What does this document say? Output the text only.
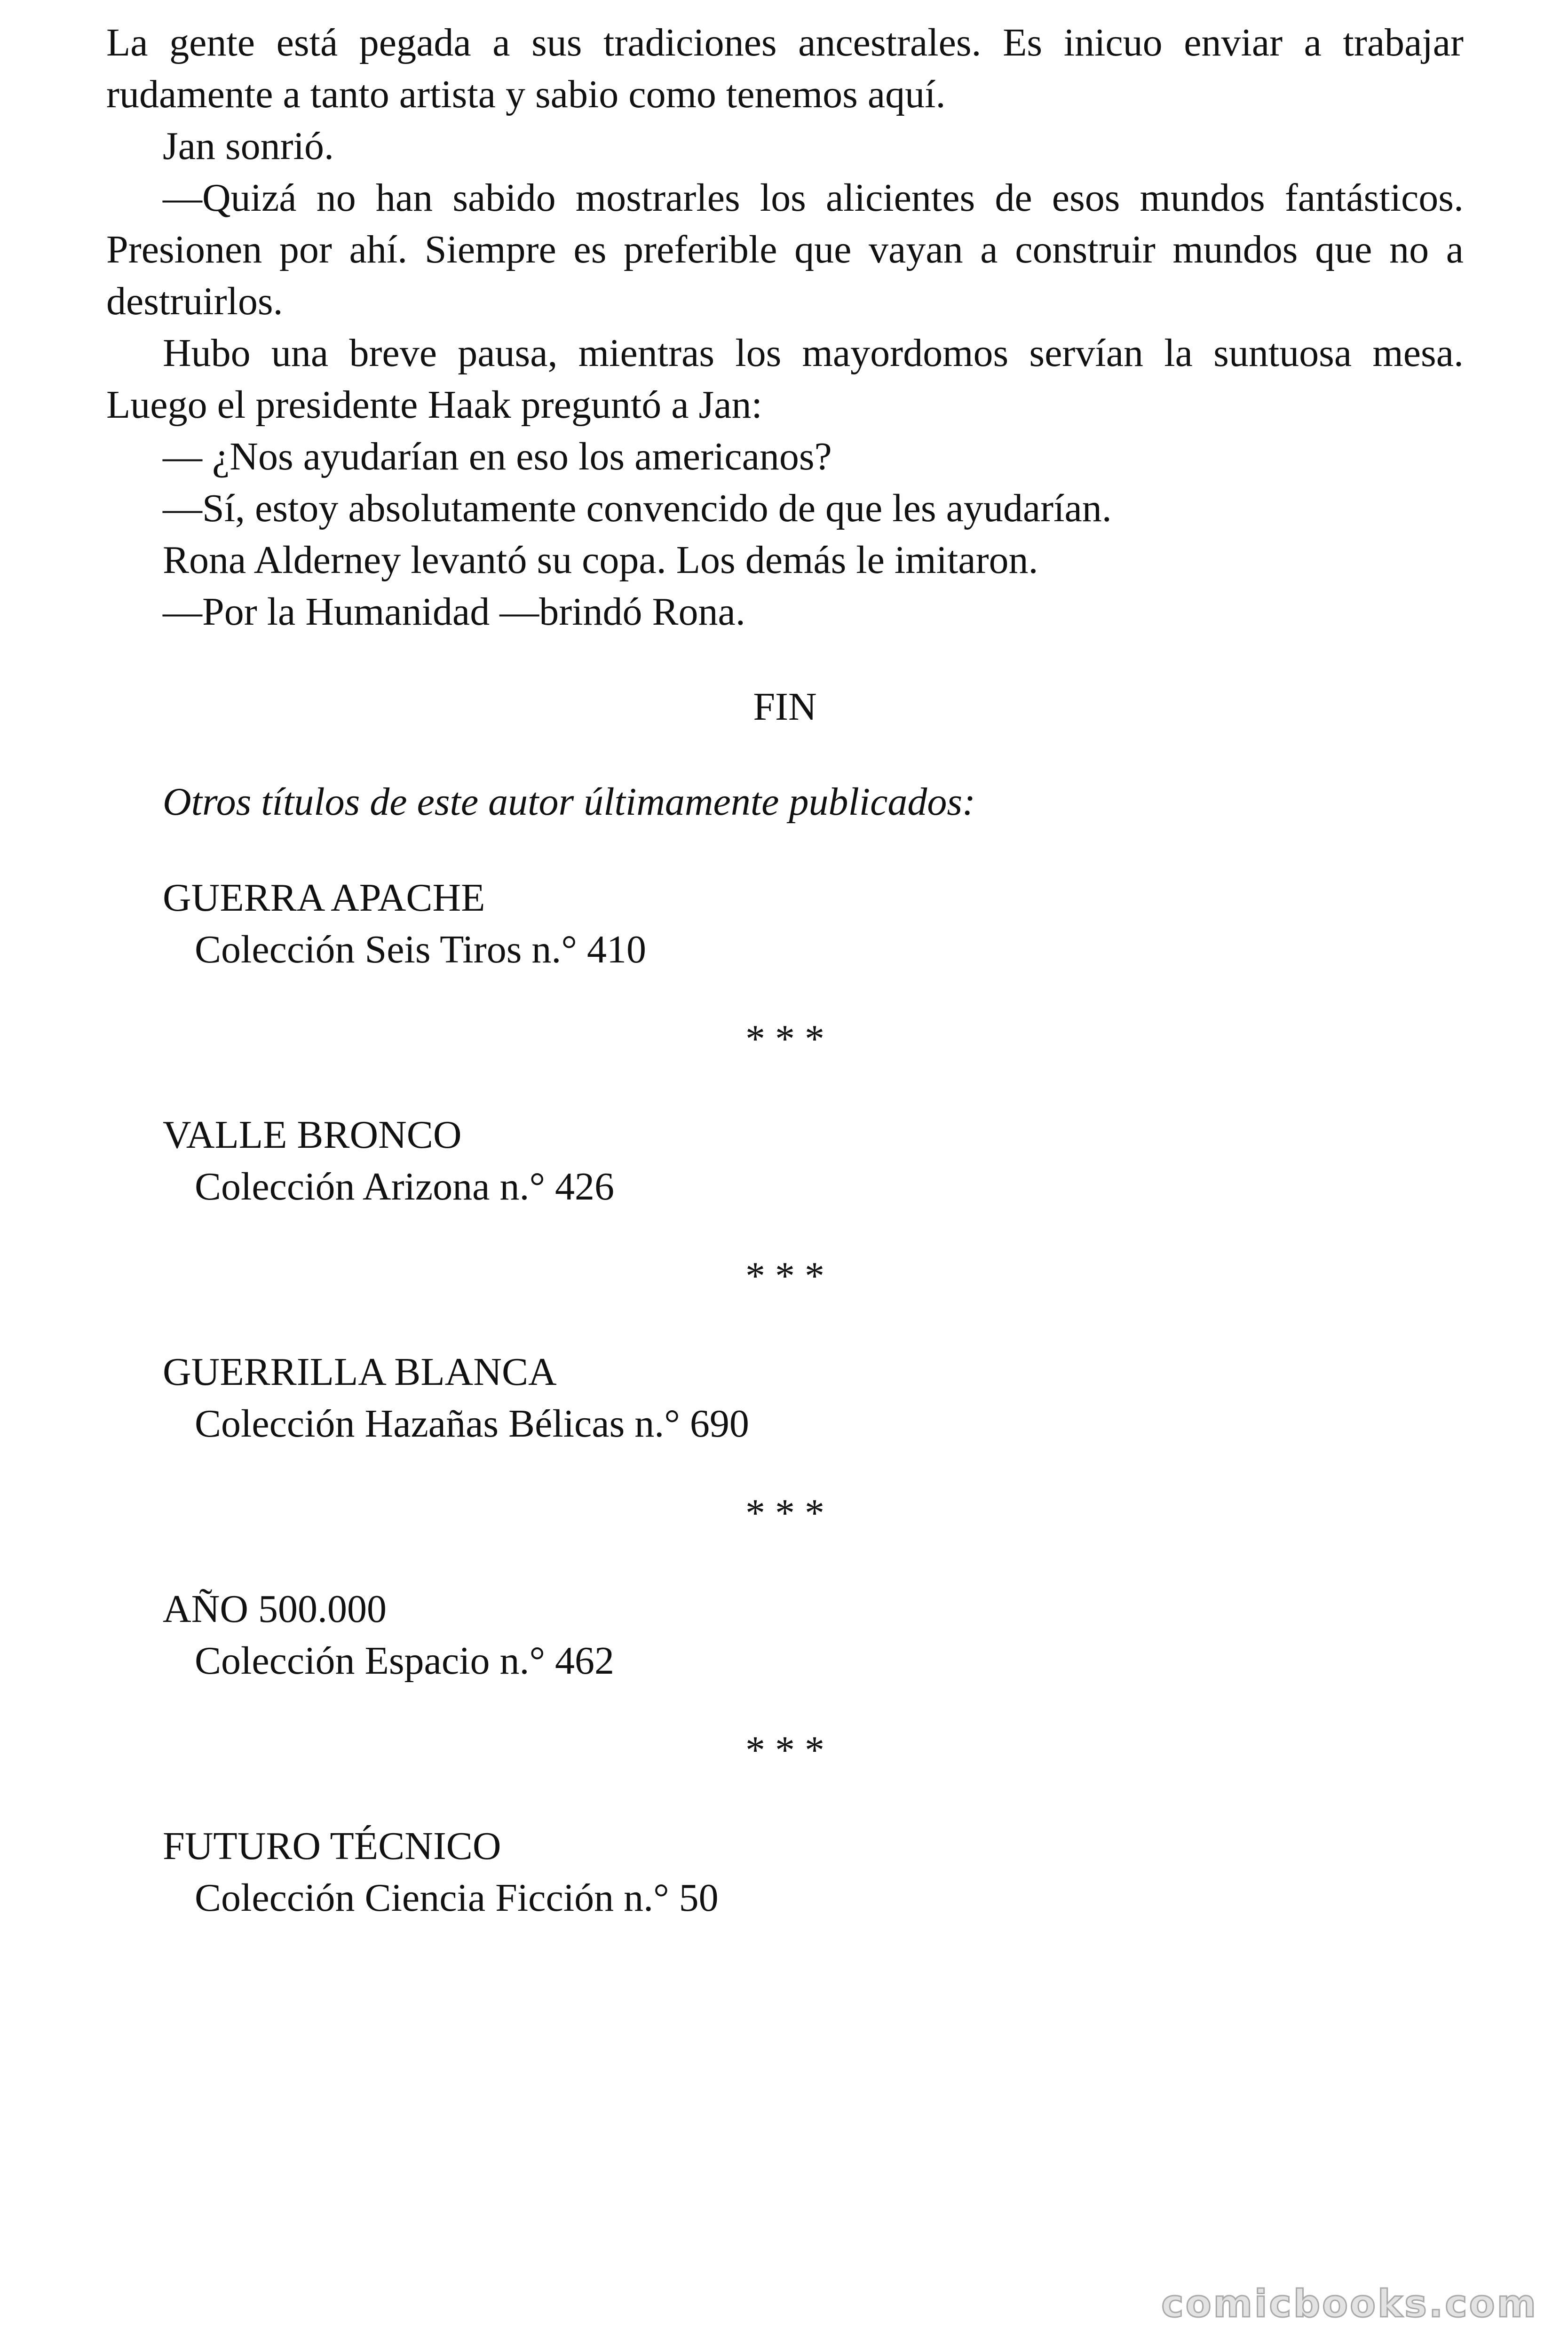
La gente está pegada a sus tradiciones ancestrales. Es inicuo enviar a trabajar rudamente a tanto artista y sabio como tenemos aquí.

Jan sonrió.

—Quizá no han sabido mostrarles los alicientes de esos mundos fantásticos. Presionen por ahí. Siempre es preferible que vayan a construir mundos que no a destruirlos.

Hubo una breve pausa, mientras los mayordomos servían la suntuosa mesa. Luego el presidente Haak preguntó a Jan:

— ¿Nos ayudarían en eso los americanos?

—Sí, estoy absolutamente convencido de que les ayudarían.

Rona Alderney levantó su copa. Los demás le imitaron.

—Por la Humanidad —brindó Rona.

FIN

Otros títulos de este autor últimamente publicados:

GUERRA APACHE

Colección Seis Tiros n.° 410

* * *

VALLE BRONCO

Colección Arizona n.° 426

* * *

GUERRILLA BLANCA

Colección Hazañas Bélicas n.° 690

* * *

AÑO 500.000

Colección Espacio n.° 462

* * *

FUTURO TÉCNICO

Colección Ciencia Ficción n.° 50

comicbooks.com
